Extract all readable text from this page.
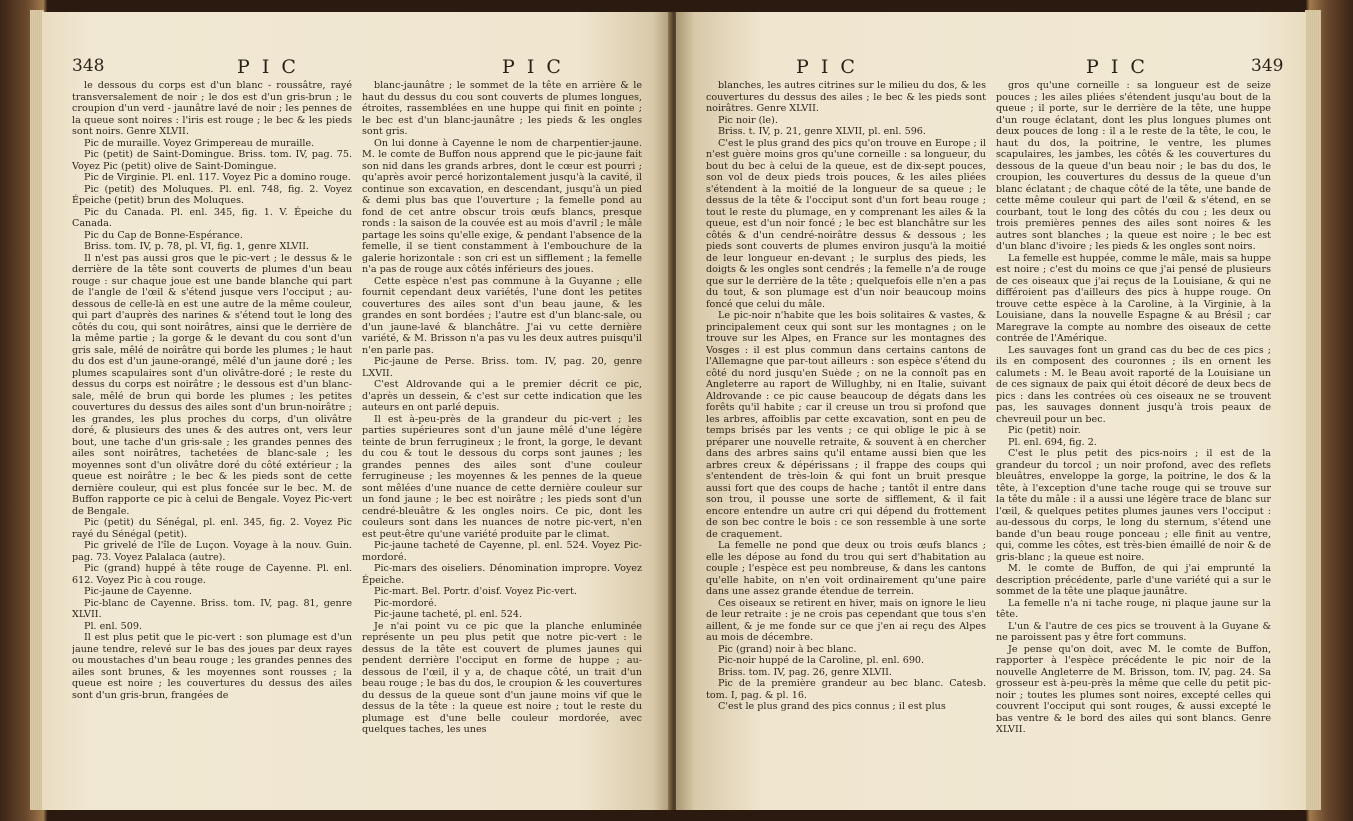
348	P I C	P I C

le dessous du corps est d'un blanc - roussâtre, rayé transversalement de noir ; le dos est d'un gris-brun ; le croupion d'un verd - jaunâtre lavé de noir ; les pennes de la queue sont noires : l'iris est rouge ; le bec & les pieds sont noirs. Genre XLVII.

Pic de muraille. Voyez Grimpereau de muraille.

Pic (petit) de Saint-Domingue. Briss. tom. IV, pag. 75. Voyez Pic (petit) olive de Saint-Domingue.

Pic de Virginie. Pl. enl. 117. Voyez Pic a domino rouge.

Pic (petit) des Moluques. Pl. enl. 748, fig. 2. Voyez Épeiche (petit) brun des Moluques.

Pic du Canada. Pl. enl. 345, fig. 1. V. Épeiche du Canada.

Pic du Cap de Bonne-Espérance.

Briss. tom. IV, p. 78, pl. VI, fig. 1, genre XLVII.

Il n'est pas aussi gros que le pic-vert ; le dessus & le derrière de la tête sont couverts de plumes d'un beau rouge : sur chaque joue est une bande blanche qui part de l'angle de l'œil & s'étend jusque vers l'occiput ; au-dessous de celle-là en est une autre de la même couleur, qui part d'auprès des narines & s'étend tout le long des côtés du cou, qui sont noirâtres, ainsi que le derrière de la même partie ; la gorge & le devant du cou sont d'un gris sale, mêlé de noirâtre qui borde les plumes ; le haut du dos est d'un jaune-orangé, mêlé d'un jaune doré ; les plumes scapulaires sont d'un olivâtre-doré ; le reste du dessus du corps est noirâtre ; le dessous est d'un blanc-sale, mêlé de brun qui borde les plumes ; les petites couvertures du dessus des ailes sont d'un brun-noirâtre ; les grandes, les plus proches du corps, d'un olivâtre doré, & plusieurs des unes & des autres ont, vers leur bout, une tache d'un gris-sale ; les grandes pennes des ailes sont noirâtres, tachetées de blanc-sale ; les moyennes sont d'un olivâtre doré du côté extérieur ; la queue est noirâtre ; le bec & les pieds sont de cette dernière couleur, qui est plus foncée sur le bec. M. de Buffon rapporte ce pic à celui de Bengale. Voyez Pic-vert de Bengale.

Pic (petit) du Sénégal, pl. enl. 345, fig. 2. Voyez Pic rayé du Sénégal (petit).

Pic grivelé de l'île de Luçon. Voyage à la nouv. Guin. pag. 73. Voyez Palalaca (autre).

Pic (grand) huppé à tête rouge de Cayenne. Pl. enl. 612. Voyez Pic à cou rouge.

Pic-jaune de Cayenne.

Pic-blanc de Cayenne. Briss. tom. IV, pag. 81, genre XLVII.

Pl. enl. 509.

Il est plus petit que le pic-vert : son plumage est d'un jaune tendre, relevé sur le bas des joues par deux rayes ou moustaches d'un beau rouge ; les grandes pennes des ailes sont brunes, & les moyennes sont rousses ; la queue est noire ; les couvertures du dessus des ailes sont d'un gris-brun, frangées de

blanc-jaunâtre ; le sommet de la tête en arrière & le haut du dessus du cou sont couverts de plumes longues, étroites, rassemblées en une huppe qui finit en pointe ; le bec est d'un blanc-jaunâtre ; les pieds & les ongles sont gris.

On lui donne à Cayenne le nom de charpentier-jaune. M. le comte de Buffon nous apprend que le pic-jaune fait son nid dans les grands arbres, dont le cœur est pourri ; qu'après avoir percé horizontalement jusqu'à la cavité, il continue son excavation, en descendant, jusqu'à un pied & demi plus bas que l'ouverture ; la femelle pond au fond de cet antre obscur trois œufs blancs, presque ronds : la saison de la couvée est au mois d'avril ; le mâle partage les soins qu'elle exige, & pendant l'absence de la femelle, il se tient constamment à l'embouchure de la galerie horizontale : son cri est un sifflement ; la femelle n'a pas de rouge aux côtés inférieurs des joues.

Cette espèce n'est pas commune à la Guyanne ; elle fournit cependant deux variétés, l'une dont les petites couvertures des ailes sont d'un beau jaune, & les grandes en sont bordées ; l'autre est d'un blanc-sale, ou d'un jaune-lavé & blanchâtre. J'ai vu cette dernière variété, & M. Brisson n'a pas vu les deux autres puisqu'il n'en parle pas.

Pic-jaune de Perse. Briss. tom. IV, pag. 20, genre LXVII.

C'est Aldrovande qui a le premier décrit ce pic, d'après un dessein, & c'est sur cette indication que les auteurs en ont parlé depuis.

Il est à-peu-près de la grandeur du pic-vert ; les parties supérieures sont d'un jaune mêlé d'une légère teinte de brun ferrugineux ; le front, la gorge, le devant du cou & tout le dessous du corps sont jaunes ; les grandes pennes des ailes sont d'une couleur ferrugineuse ; les moyennes & les pennes de la queue sont mêlées d'une nuance de cette dernière couleur sur un fond jaune ; le bec est noirâtre ; les pieds sont d'un cendré-bleuâtre & les ongles noirs. Ce pic, dont les couleurs sont dans les nuances de notre pic-vert, n'en est peut-être qu'une variété produite par le climat.

Pic-jaune tacheté de Cayenne, pl. enl. 524. Voyez Pic-mordoré.

Pic-mars des oiseliers. Dénomination impropre. Voyez Épeiche.

Pic-mart. Bel. Portr. d'oisf. Voyez Pic-vert.

Pic-mordoré.

Pic-jaune tacheté, pl. enl. 524.

Je n'ai point vu ce pic que la planche enluminée représente un peu plus petit que notre pic-vert : le dessus de la tête est couvert de plumes jaunes qui pendent derrière l'occiput en forme de huppe ; au-dessous de l'œil, il y a, de chaque côté, un trait d'un beau rouge ; le bas du dos, le croupion & les couvertures du dessus de la queue sont d'un jaune moins vif que le dessus de la tête : la queue est noire ; tout le reste du plumage est d'une belle couleur mordorée, avec quelques taches, les unes

P I C	P I C	349

blanches, les autres citrines sur le milieu du dos, & les couvertures du dessus des ailes ; le bec & les pieds sont noirâtres. Genre XLVII.

Pic noir (le).

Briss. t. IV, p. 21, genre XLVII, pl. enl. 596.

C'est le plus grand des pics qu'on trouve en Europe ; il n'est guère moins gros qu'une corneille : sa longueur, du bout du bec à celui de la queue, est de dix-sept pouces, son vol de deux pieds trois pouces, & les ailes pliées s'étendent à la moitié de la longueur de sa queue ; le dessus de la tête & l'occiput sont d'un fort beau rouge ; tout le reste du plumage, en y comprenant les ailes & la queue, est d'un noir foncé ; le bec est blanchâtre sur les côtés & d'un cendré-noirâtre dessus & dessous ; les pieds sont couverts de plumes environ jusqu'à la moitié de leur longueur en-devant ; le surplus des pieds, les doigts & les ongles sont cendrés ; la femelle n'a de rouge que sur le derrière de la tête ; quelquefois elle n'en a pas du tout, & son plumage est d'un noir beaucoup moins foncé que celui du mâle.

Le pic-noir n'habite que les bois solitaires & vastes, & principalement ceux qui sont sur les montagnes ; on le trouve sur les Alpes, en France sur les montagnes des Vosges : il est plus commun dans certains cantons de l'Allemagne que par-tout ailleurs : son espèce s'étend du côté du nord jusqu'en Suède ; on ne la connoît pas en Angleterre au raport de Willughby, ni en Italie, suivant Aldrovande : ce pic cause beaucoup de dégats dans les forêts qu'il habite ; car il creuse un trou si profond que les arbres, affoiblis par cette excavation, sont en peu de temps brisés par les vents ; ce qui oblige le pic à se préparer une nouvelle retraite, & souvent à en chercher dans des arbres sains qu'il entame aussi bien que les arbres creux & dépérissans ; il frappe des coups qui s'entendent de très-loin & qui font un bruit presque aussi fort que des coups de hache ; tantôt il entre dans son trou, il pousse une sorte de sifflement, & il fait encore entendre un autre cri qui dépend du frottement de son bec contre le bois : ce son ressemble à une sorte de craquement.

La femelle ne pond que deux ou trois œufs blancs ; elle les dépose au fond du trou qui sert d'habitation au couple ; l'espèce est peu nombreuse, & dans les cantons qu'elle habite, on n'en voit ordinairement qu'une paire dans une assez grande étendue de terrein.

Ces oiseaux se retirent en hiver, mais on ignore le lieu de leur retraite : je ne crois pas cependant que tous s'en aillent, & je me fonde sur ce que j'en ai reçu des Alpes au mois de décembre.

Pic (grand) noir à bec blanc.

Pic-noir huppé de la Caroline, pl. enl. 690.

Briss. tom. IV, pag. 26, genre XLVII.

Pic de la première grandeur au bec blanc. Catesb. tom. I, pag. & pl. 16.

C'est le plus grand des pics connus ; il est plus

gros qu'une corneille : sa longueur est de seize pouces ; les ailes pliées s'étendent jusqu'au bout de la queue ; il porte, sur le derrière de la tête, une huppe d'un rouge éclatant, dont les plus longues plumes ont deux pouces de long : il a le reste de la tête, le cou, le haut du dos, la poitrine, le ventre, les plumes scapulaires, les jambes, les côtés & les couvertures du dessous de la queue d'un beau noir ; le bas du dos, le croupion, les couvertures du dessus de la queue d'un blanc éclatant ; de chaque côté de la tête, une bande de cette même couleur qui part de l'œil & s'étend, en se courbant, tout le long des côtés du cou ; les deux ou trois premières pennes des ailes sont noires & les autres sont blanches ; la queue est noire ; le bec est d'un blanc d'ivoire ; les pieds & les ongles sont noirs.

La femelle est huppée, comme le mâle, mais sa huppe est noire ; c'est du moins ce que j'ai pensé de plusieurs de ces oiseaux que j'ai reçus de la Louisiane, & qui ne différoient pas d'ailleurs des pics à huppe rouge. On trouve cette espèce à la Caroline, à la Virginie, à la Louisiane, dans la nouvelle Espagne & au Brésil ; car Maregrave la compte au nombre des oiseaux de cette contrée de l'Amérique.

Les sauvages font un grand cas du bec de ces pics ; ils en composent des couronnes ; ils en ornent les calumets : M. le Beau avoit raporté de la Louisiane un de ces signaux de paix qui étoit décoré de deux becs de pics : dans les contrées où ces oiseaux ne se trouvent pas, les sauvages donnent jusqu'à trois peaux de chevreuil pour un bec.

Pic (petit) noir.

Pl. enl. 694, fig. 2.

C'est le plus petit des pics-noirs ; il est de la grandeur du torcol ; un noir profond, avec des reflets bleuâtres, enveloppe la gorge, la poitrine, le dos & la tête, à l'exception d'une tache rouge qui se trouve sur la tête du mâle : il a aussi une légère trace de blanc sur l'œil, & quelques petites plumes jaunes vers l'occiput : au-dessous du corps, le long du sternum, s'étend une bande d'un beau rouge ponceau ; elle finit au ventre, qui, comme les côtes, est très-bien émaillé de noir & de gris-blanc ; la queue est noire.

M. le comte de Buffon, de qui j'ai emprunté la description précédente, parle d'une variété qui a sur le sommet de la tête une plaque jaunâtre.

La femelle n'a ni tache rouge, ni plaque jaune sur la tête.

L'un & l'autre de ces pics se trouvent à la Guyane & ne paroissent pas y être fort communs.

Je pense qu'on doit, avec M. le comte de Buffon, rapporter à l'espèce précédente le pic noir de la nouvelle Angleterre de M. Brisson, tom. IV, pag. 24. Sa grosseur est à-peu-près la même que celle du petit pic-noir ; toutes les plumes sont noires, excepté celles qui couvrent l'occiput qui sont rouges, & aussi excepté le bas ventre & le bord des ailes qui sont blancs. Genre XLVII.
